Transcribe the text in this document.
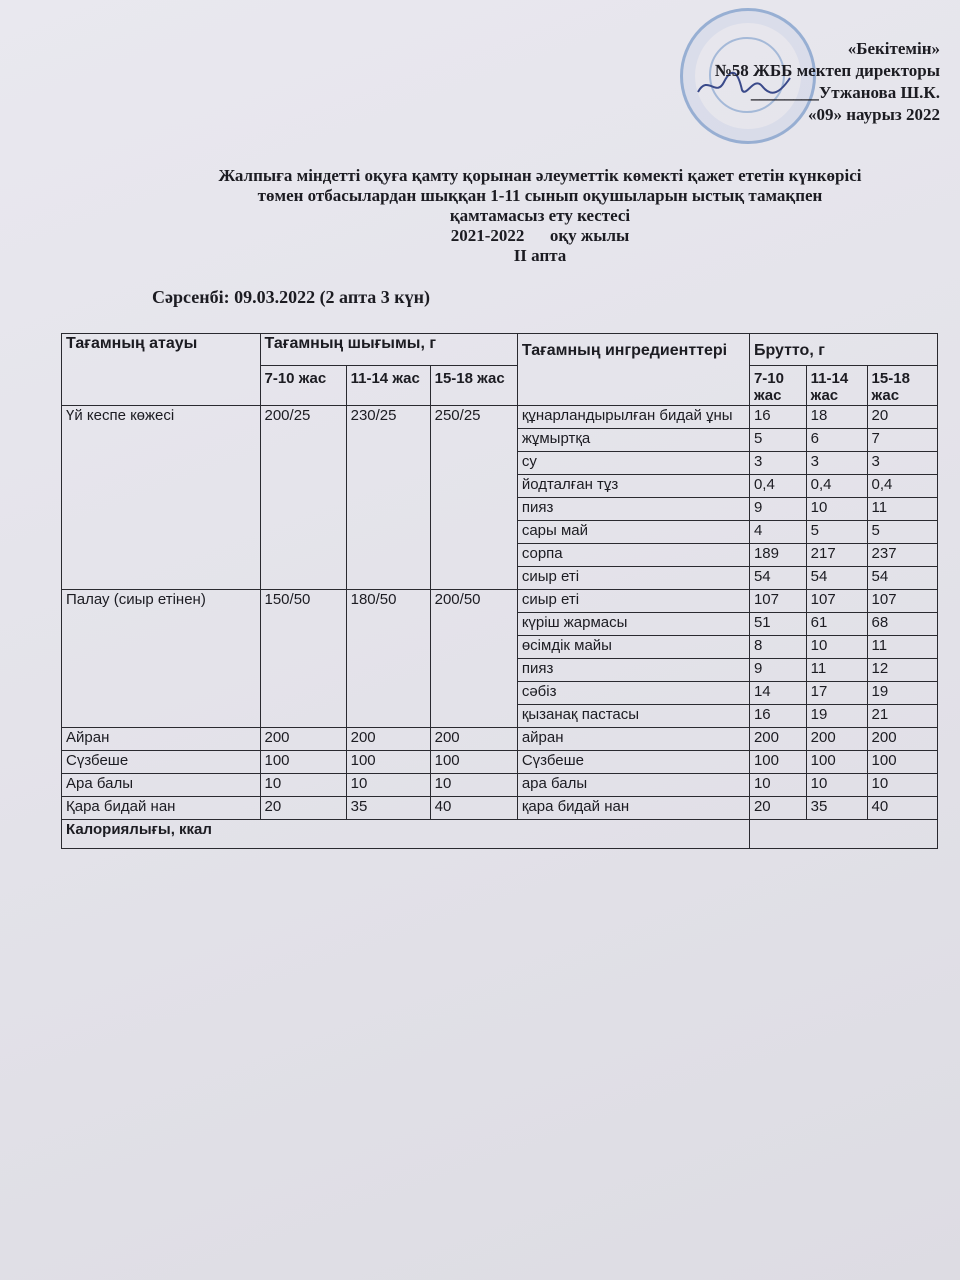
«Бекітемін»
№58 ЖББ мектеп директоры
________Утжанова Ш.К.
«09» наурыз 2022
Жалпыға міндетті оқуға қамту қорынан әлеуметтік көмекті қажет ететін күнкөрісі
төмен отбасылардан шыққан 1-11 сынып оқушыларын ыстық тамақпен
қамтамасыз ету кестесі
2021-2022      оқу жылы
ІІ апта
Сәрсенбі: 09.03.2022 (2 апта 3 күн)
Тағамның атауы	Тағамның шығымы, г			Тағамның ингредиенттері	Брутто, г		
	7-10 жас	11-14 жас	15-18 жас		7-10 жас	11-14 жас	15-18 жас
Үй кеспе көжесі	200/25	230/25	250/25	құнарландырылған бидай ұны	16	18	20
				жұмыртқа	5	6	7
				су	3	3	3
				йодталған тұз	0,4	0,4	0,4
				пияз	9	10	11
				сары май	4	5	5
				сорпа	189	217	237
				сиыр еті	54	54	54
Палау (сиыр етінен)	150/50	180/50	200/50	сиыр еті	107	107	107
				күріш жармасы	51	61	68
				өсімдік майы	8	10	11
				пияз	9	11	12
				сәбіз	14	17	19
				қызанақ пастасы	16	19	21
Айран	200	200	200	айран	200	200	200
Сүзбеше	100	100	100	Сүзбеше	100	100	100
Ара балы	10	10	10	ара балы	10	10	10
Қара бидай нан	20	35	40	қара бидай нан	20	35	40
Калориялығы, ккал							
